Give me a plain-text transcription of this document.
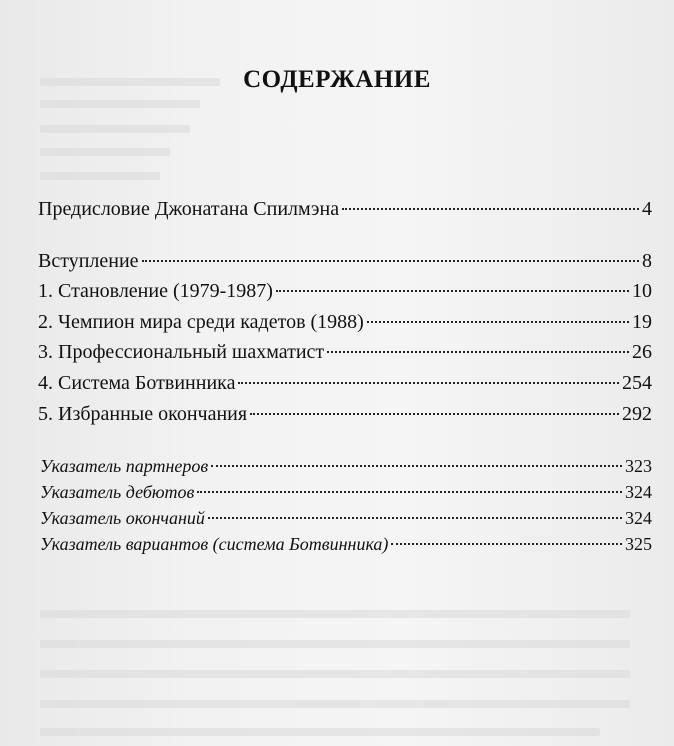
СОДЕРЖАНИЕ
Предисловие Джонатана Спилмэна	4
Вступление	8
1. Становление (1979-1987)	10
2. Чемпион мира среди кадетов (1988)	19
3. Профессиональный шахматист	26
4. Система Ботвинника	254
5. Избранные окончания	292
Указатель партнеров	323
Указатель дебютов	324
Указатель окончаний	324
Указатель вариантов (система Ботвинника)	325
